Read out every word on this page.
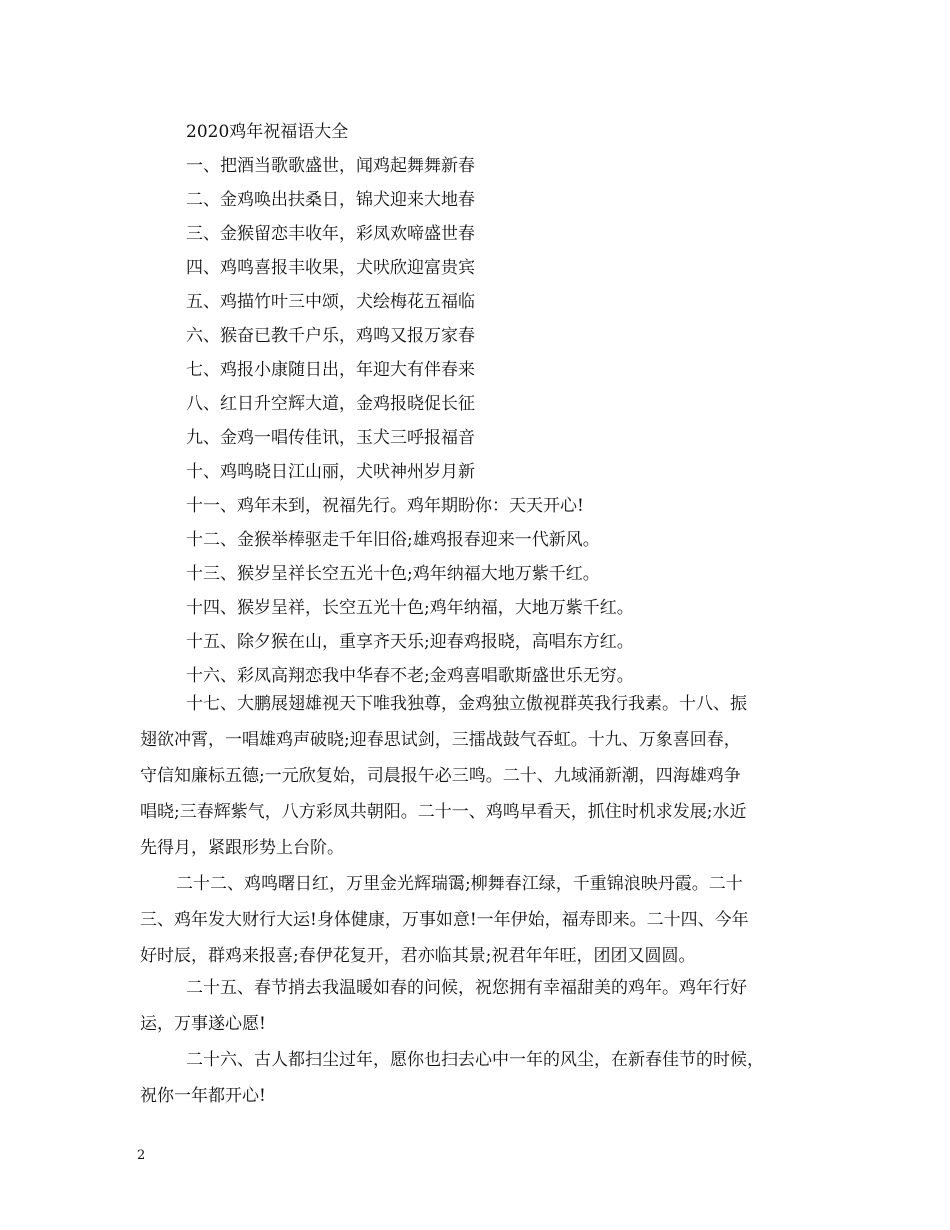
2020鸡年祝福语大全
一、把酒当歌歌盛世，闻鸡起舞舞新春
二、金鸡唤出扶桑日，锦犬迎来大地春
三、金猴留恋丰收年，彩凤欢啼盛世春
四、鸡鸣喜报丰收果，犬吠欣迎富贵宾
五、鸡描竹叶三中颂，犬绘梅花五福临
六、猴奋已教千户乐，鸡鸣又报万家春
七、鸡报小康随日出，年迎大有伴春来
八、红日升空辉大道，金鸡报晓促长征
九、金鸡一唱传佳讯，玉犬三呼报福音
十、鸡鸣晓日江山丽，犬吠神州岁月新
十一、鸡年未到，祝福先行。鸡年期盼你：天天开心!
十二、金猴举棒驱走千年旧俗;雄鸡报春迎来一代新风。
十三、猴岁呈祥长空五光十色;鸡年纳福大地万紫千红。
十四、猴岁呈祥，长空五光十色;鸡年纳福，大地万紫千红。
十五、除夕猴在山，重享齐天乐;迎春鸡报晓，高唱东方红。
十六、彩凤高翔恋我中华春不老;金鸡喜唱歌斯盛世乐无穷。
十七、大鹏展翅雄视天下唯我独尊，金鸡独立傲视群英我行我素。十八、振
翅欲冲霄，一唱雄鸡声破晓;迎春思试剑，三擂战鼓气吞虹。十九、万象喜回春，
守信知廉标五德;一元欣复始，司晨报午必三鸣。二十、九域涌新潮，四海雄鸡争
唱晓;三春辉紫气，八方彩凤共朝阳。二十一、鸡鸣早看天，抓住时机求发展;水近
先得月，紧跟形势上台阶。
二十二、鸡鸣曙日红，万里金光辉瑞霭;柳舞春江绿，千重锦浪映丹霞。二十
三、鸡年发大财行大运!身体健康，万事如意!一年伊始，福寿即来。二十四、今年
好时辰，群鸡来报喜;春伊花复开，君亦临其景;祝君年年旺，团团又圆圆。
二十五、春节捎去我温暖如春的问候，祝您拥有幸福甜美的鸡年。鸡年行好
运，万事遂心愿!
二十六、古人都扫尘过年，愿你也扫去心中一年的风尘，在新春佳节的时候，
祝你一年都开心!
2
